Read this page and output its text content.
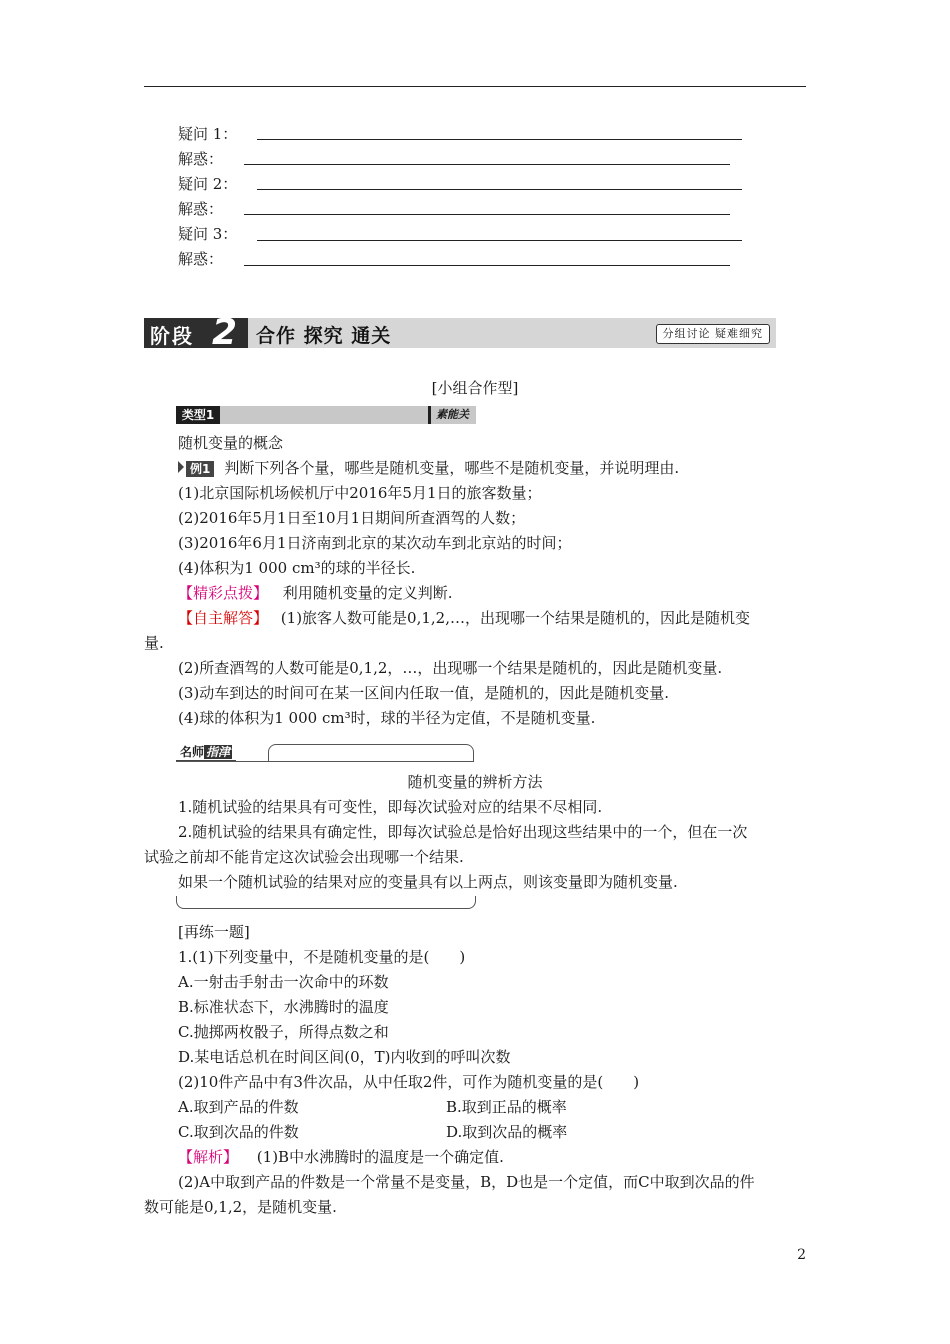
疑问 1：
解惑：
疑问 2：
解惑：
疑问 3：
解惑：
阶段 2 合作 探究 通关	分组讨论 疑难细究
[小组合作型]
类型1	素能关
随机变量的概念
例1 判断下列各个量，哪些是随机变量，哪些不是随机变量，并说明理由.
(1)北京国际机场候机厅中2016年5月1日的旅客数量；
(2)2016年5月1日至10月1日期间所查酒驾的人数；
(3)2016年6月1日济南到北京的某次动车到北京站的时间；
(4)体积为1 000 cm³的球的半径长.
【精彩点拨】 利用随机变量的定义判断.
【自主解答】 (1)旅客人数可能是0,1,2,…，出现哪一个结果是随机的，因此是随机变
量.
(2)所查酒驾的人数可能是0,1,2，…，出现哪一个结果是随机的，因此是随机变量.
(3)动车到达的时间可在某一区间内任取一值，是随机的，因此是随机变量.
(4)球的体积为1 000 cm³时，球的半径为定值，不是随机变量.
名师 指津
随机变量的辨析方法
1.随机试验的结果具有可变性，即每次试验对应的结果不尽相同.
2.随机试验的结果具有确定性，即每次试验总是恰好出现这些结果中的一个，但在一次
试验之前却不能肯定这次试验会出现哪一个结果.
如果一个随机试验的结果对应的变量具有以上两点，则该变量即为随机变量.
[再练一题]
1.(1)下列变量中，不是随机变量的是(　　)
A.一射击手射击一次命中的环数
B.标准状态下，水沸腾时的温度
C.抛掷两枚骰子，所得点数之和
D.某电话总机在时间区间(0，T)内收到的呼叫次数
(2)10件产品中有3件次品，从中任取2件，可作为随机变量的是(　　)
A.取到产品的件数	B.取到正品的概率
C.取到次品的件数	D.取到次品的概率
【解析】 (1)B中水沸腾时的温度是一个确定值.
(2)A中取到产品的件数是一个常量不是变量，B，D也是一个定值，而C中取到次品的件
数可能是0,1,2，是随机变量.
2
